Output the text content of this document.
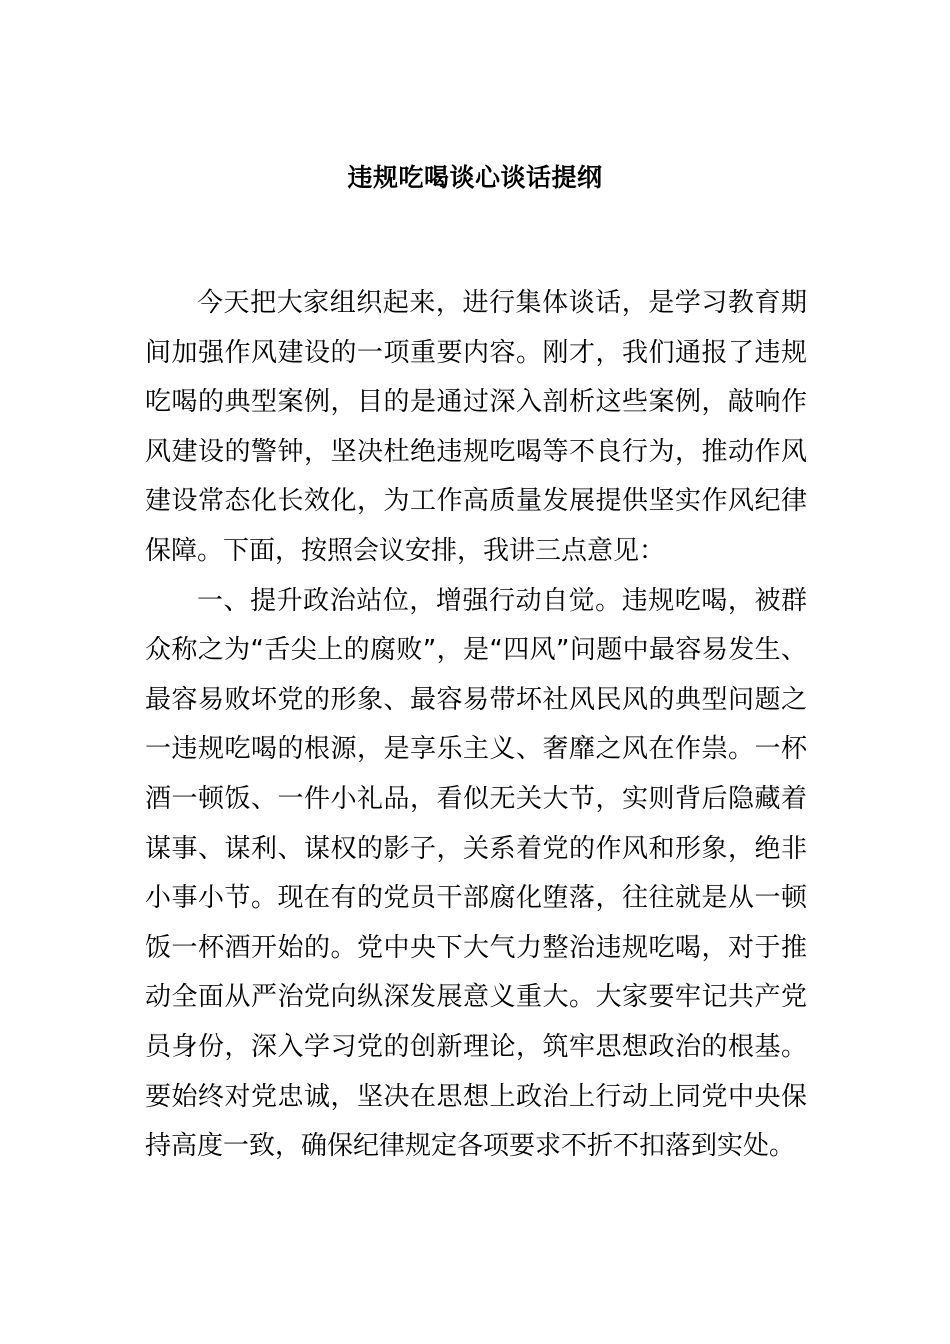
违规吃喝谈心谈话提纲

今天把大家组织起来，进行集体谈话，是学习教育期间加强作风建设的一项重要内容。刚才，我们通报了违规吃喝的典型案例，目的是通过深入剖析这些案例，敲响作风建设的警钟，坚决杜绝违规吃喝等不良行为，推动作风建设常态化长效化，为工作高质量发展提供坚实作风纪律保障。下面，按照会议安排，我讲三点意见：

一、提升政治站位，增强行动自觉。违规吃喝，被群众称之为“舌尖上的腐败”，是“四风”问题中最容易发生、最容易败坏党的形象、最容易带坏社风民风的典型问题之一违规吃喝的根源，是享乐主义、奢靡之风在作祟。一杯酒一顿饭、一件小礼品，看似无关大节，实则背后隐藏着谋事、谋利、谋权的影子，关系着党的作风和形象，绝非小事小节。现在有的党员干部腐化堕落，往往就是从一顿饭一杯酒开始的。党中央下大气力整治违规吃喝，对于推动全面从严治党向纵深发展意义重大。大家要牢记共产党员身份，深入学习党的创新理论，筑牢思想政治的根基。要始终对党忠诚，坚决在思想上政治上行动上同党中央保持高度一致，确保纪律规定各项要求不折不扣落到实处。
